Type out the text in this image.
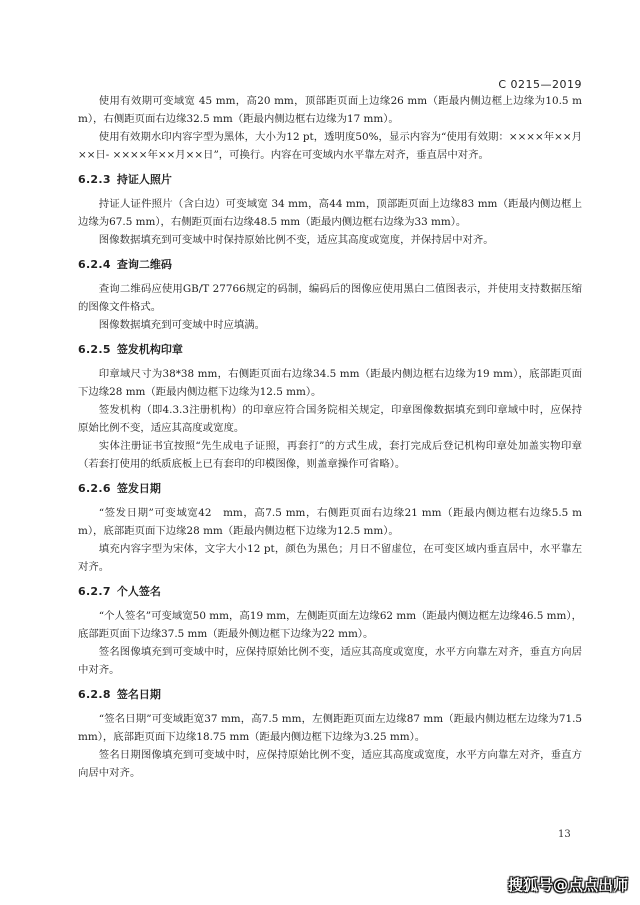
C 0215—2019

使用有效期可变域宽 45 mm，高20 mm，顶部距页面上边缘26 mm（距最内侧边框上边缘为10.5 mm），右侧距页面右边缘32.5 mm（距最内侧边框右边缘为17 mm）。

使用有效期水印内容字型为黑体，大小为12 pt，透明度50%，显示内容为“使用有效期：××××年××月××日- ××××年××月××日”，可换行。内容在可变域内水平靠左对齐，垂直居中对齐。

6.2.3 持证人照片

持证人证件照片（含白边）可变域宽 34 mm，高44 mm，顶部距页面上边缘83 mm（距最内侧边框上边缘为67.5 mm），右侧距页面右边缘48.5 mm（距最内侧边框右边缘为33 mm）。

图像数据填充到可变域中时保持原始比例不变，适应其高度或宽度，并保持居中对齐。

6.2.4 查询二维码

查询二维码应使用GB/T 27766规定的码制，编码后的图像应使用黑白二值图表示，并使用支持数据压缩的图像文件格式。

图像数据填充到可变域中时应填满。

6.2.5 签发机构印章

印章域尺寸为38*38 mm，右侧距页面右边缘34.5 mm（距最内侧边框右边缘为19 mm），底部距页面下边缘28 mm（距最内侧边框下边缘为12.5 mm）。

签发机构（即4.3.3注册机构）的印章应符合国务院相关规定，印章图像数据填充到印章域中时，应保持原始比例不变，适应其高度或宽度。

实体注册证书宜按照“先生成电子证照，再套打”的方式生成，套打完成后登记机构印章处加盖实物印章（若套打使用的纸质底板上已有套印的印模图像，则盖章操作可省略）。

6.2.6 签发日期

“签发日期”可变域宽42　mm，高7.5 mm，右侧距页面右边缘21 mm（距最内侧边框右边缘5.5 mm），底部距页面下边缘28 mm（距最内侧边框下边缘为12.5 mm）。

填充内容字型为宋体，文字大小12 pt，颜色为黑色；月日不留虚位，在可变区域内垂直居中，水平靠左对齐。

6.2.7 个人签名

“个人签名”可变域宽50 mm，高19 mm，左侧距页面左边缘62 mm（距最内侧边框左边缘46.5 mm），底部距页面下边缘37.5 mm（距最外侧边框下边缘为22 mm）。

签名图像填充到可变域中时，应保持原始比例不变，适应其高度或宽度，水平方向靠左对齐，垂直方向居中对齐。

6.2.8 签名日期

“签名日期”可变域距宽37 mm，高7.5 mm，左侧距距页面左边缘87 mm（距最内侧边框左边缘为71.5 mm），底部距页面下边缘18.75 mm（距最内侧边框下边缘为3.25 mm）。

签名日期图像填充到可变域中时，应保持原始比例不变，适应其高度或宽度，水平方向靠左对齐，垂直方向居中对齐。

13
搜狐号@点点出师
